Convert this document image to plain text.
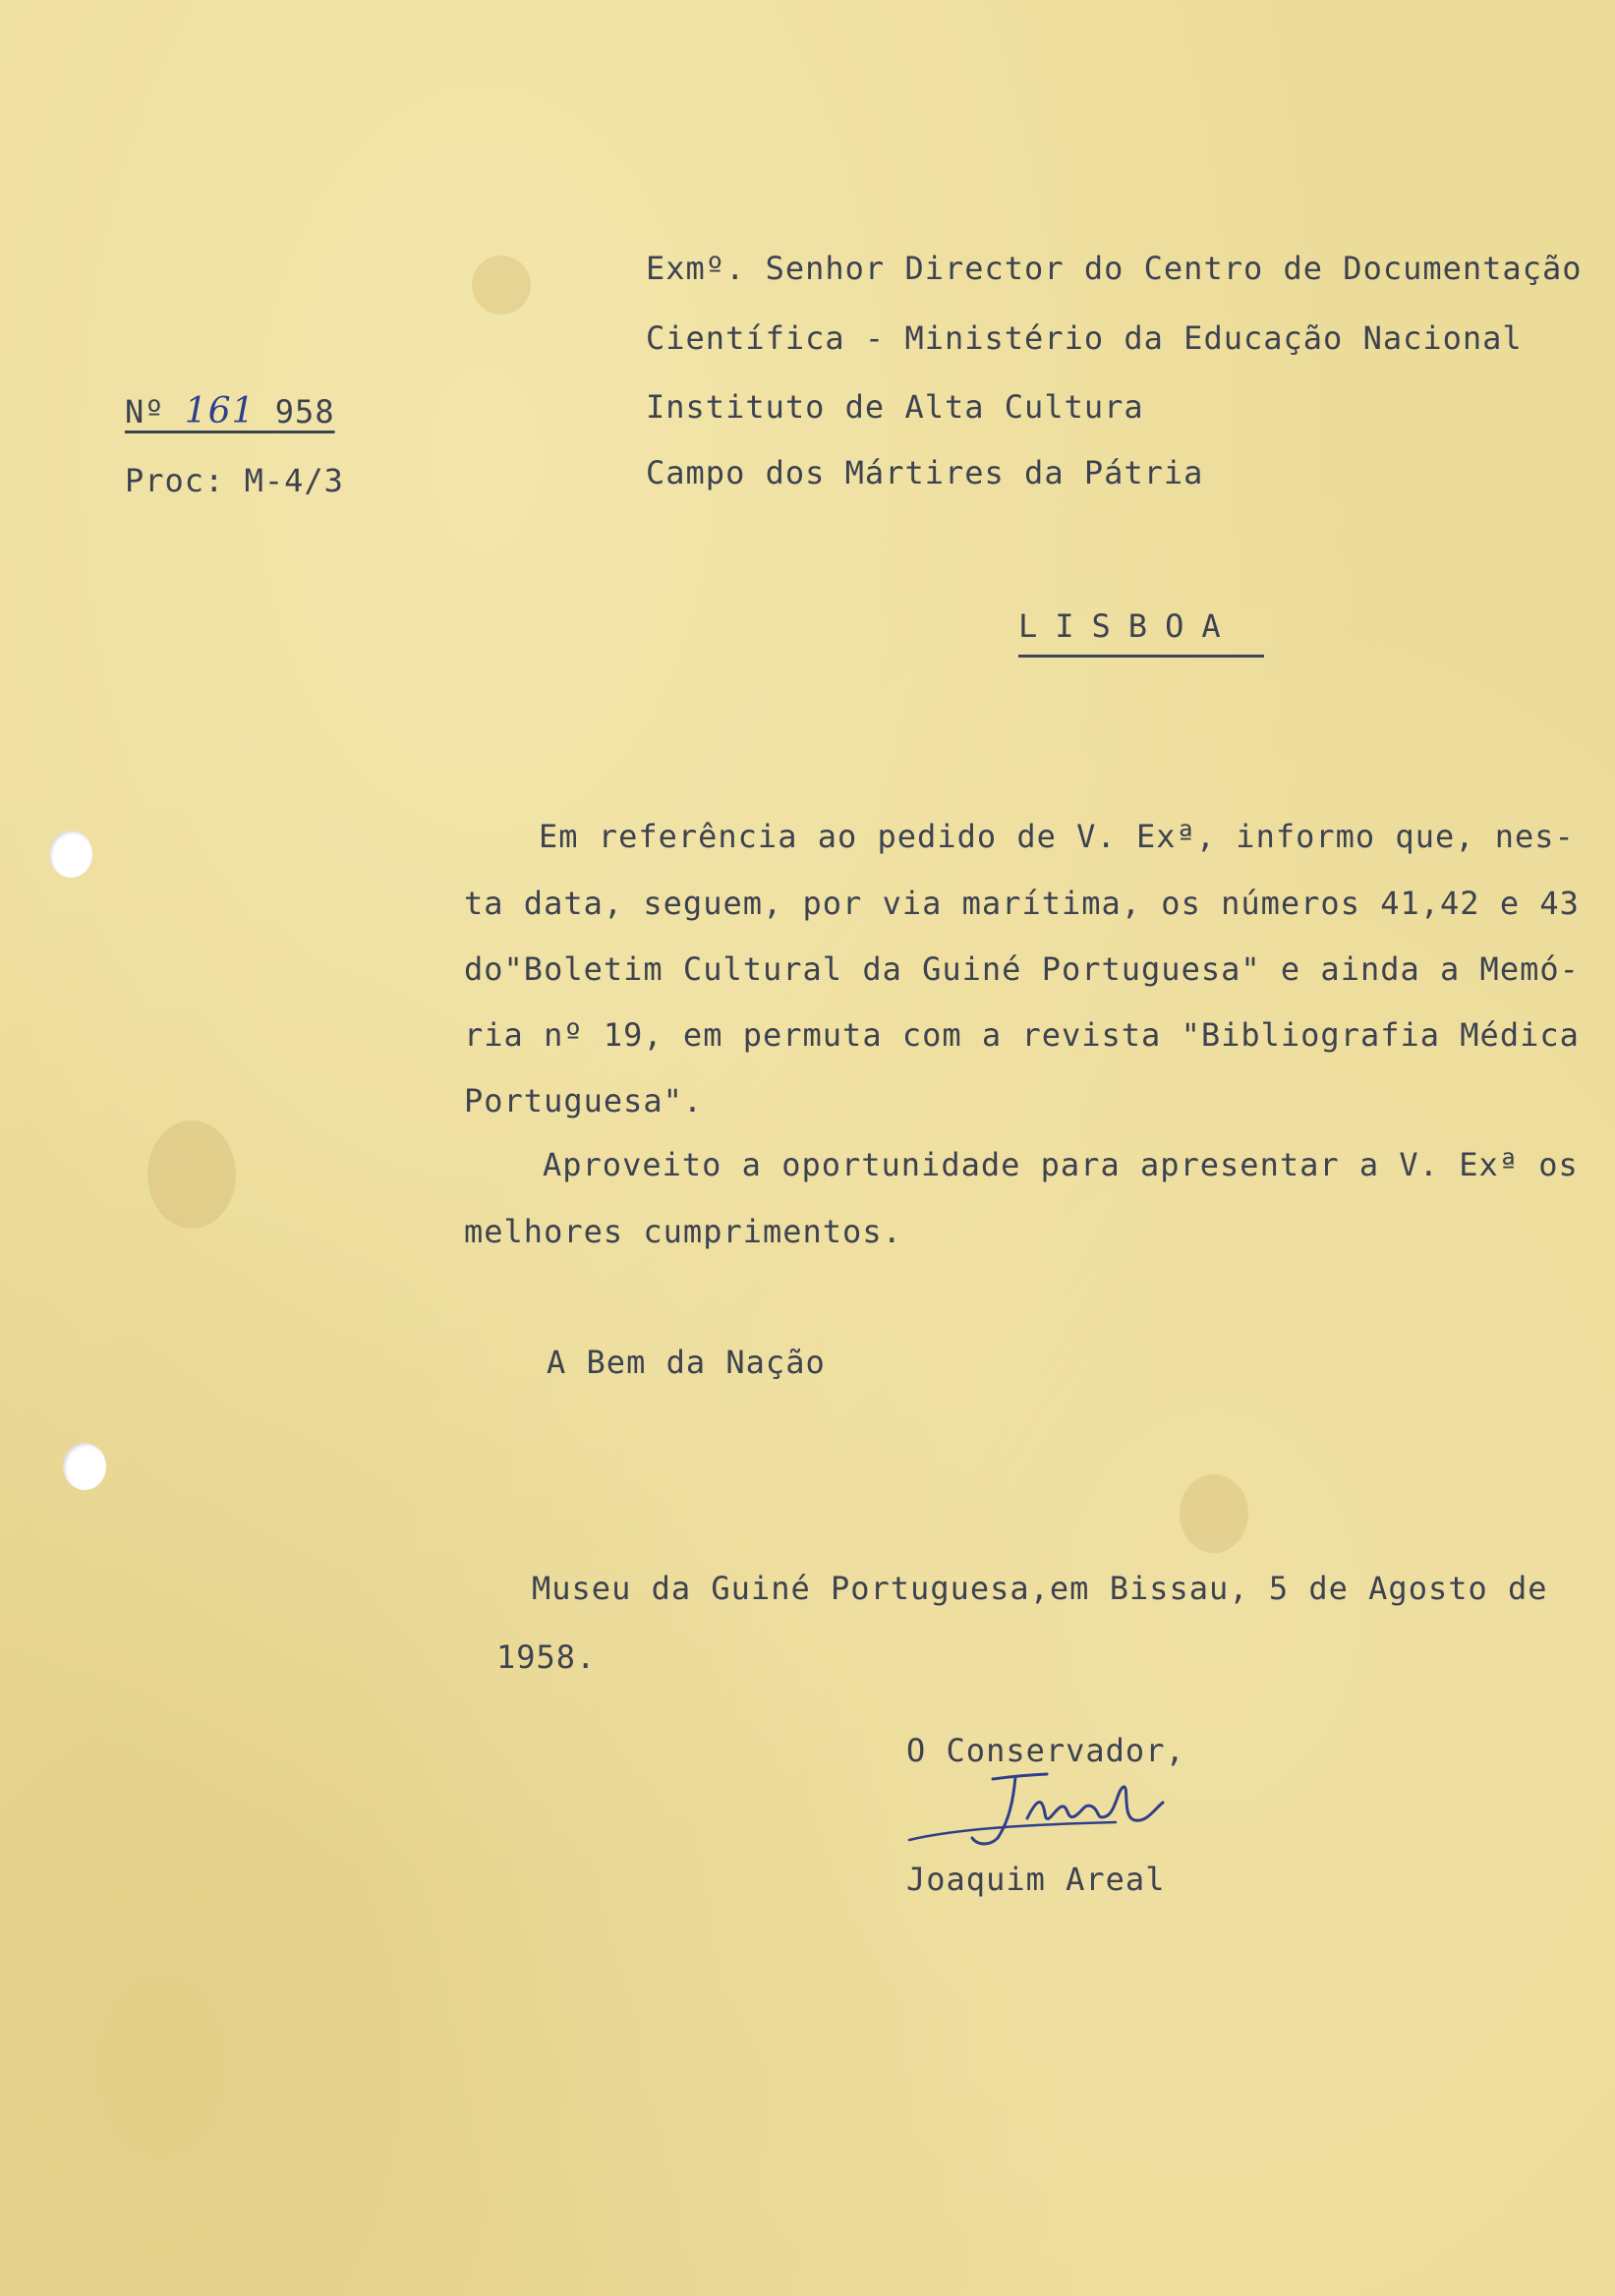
Nº 161 958
Proc: M-4/3
Exmº. Senhor Director do Centro de Documentação
Científica - Ministério da Educação Nacional
Instituto de Alta Cultura
Campo dos Mártires da Pátria
LISBOA
Em referência ao pedido de V. Exª, informo que, nes-
ta data, seguem, por via marítima, os números 41,42 e 43
do"Boletim Cultural da Guiné Portuguesa" e ainda a Memó-
ria nº 19, em permuta com a revista "Bibliografia Médica
Portuguesa".
Aproveito a oportunidade para apresentar a V. Exª os
melhores cumprimentos.
A Bem da Nação
Museu da Guiné Portuguesa,em Bissau, 5 de Agosto de
1958.
O Conservador,
Joaquim Areal
